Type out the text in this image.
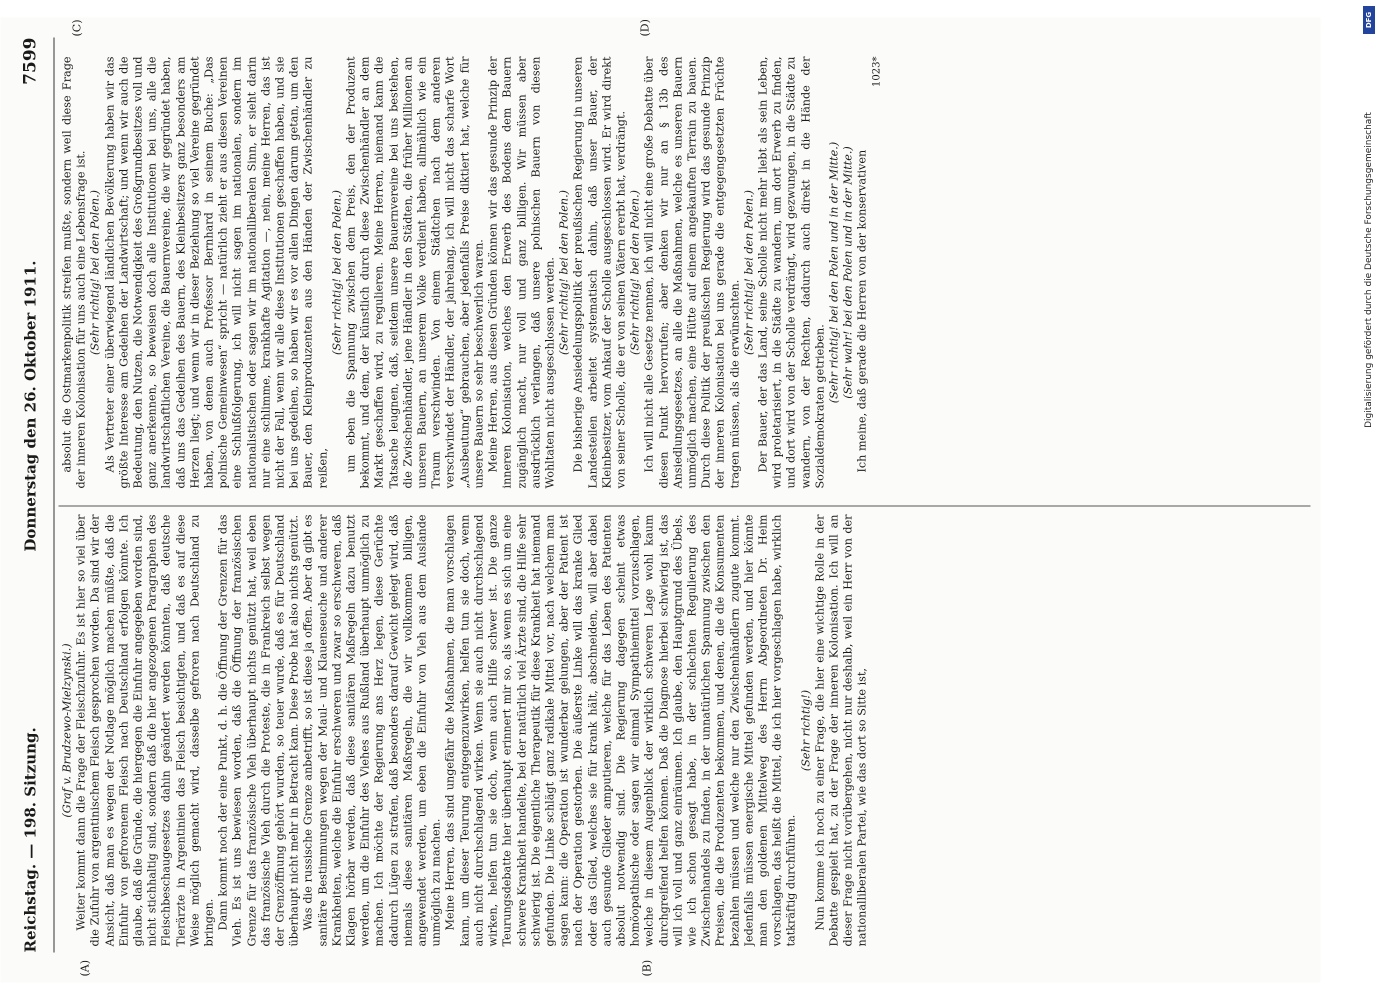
Reichstag. — 198. Sitzung.
Donnerstag den 26. Oktober 1911.
7599
(A)	(B)
(C)	(D)

(Graf v. Brudzewo-Mielzynski.) Weiter kommt dann die Frage der Fleischzufuhr. Es ist hier so viel über die Zufuhr von argentinischem Fleisch gesprochen worden. Da sind wir der Ansicht, daß man es wegen der Notlage möglich machen müßte, daß die Einfuhr von gefrorenem Fleisch nach Deutschland erfolgen könnte. Ich glaube, daß die Gründe, die hiergegen die Einfuhr angegeben worden sind, nicht stichhaltig sind, sondern daß die hier angezogenen Paragraphen des Fleischbeschaugesetzes dahin geändert werden könnten, daß deutsche Tierärzte in Argentinien das Fleisch besichtigten, und daß es auf diese Weise möglich gemacht wird, dasselbe gefroren nach Deutschland zu bringen. Dann kommt noch der eine Punkt, d. h. die Öffnung der Grenzen für das Vieh. Es ist uns bewiesen worden, daß die Öffnung der französischen Grenze für das französische Vieh überhaupt nichts genützt hat, weil eben das französische Vieh durch die Proteste, die in Frankreich selbst wegen der Grenzöffnung gehört wurden, so teuer wurde, daß es für Deutschland überhaupt nicht mehr in Betracht kam. Diese Probe hat also nichts genützt. Was die russische Grenze anbetrifft, so ist diese ja offen. Aber da gibt es sanitäre Bestimmungen wegen der Maul- und Klauenseuche und anderer Krankheiten, welche die Einfuhr erschweren und zwar so erschweren, daß Klagen hörbar werden, daß diese sanitären Maßregeln dazu benutzt werden, um die Einfuhr des Viehes aus Rußland überhaupt unmöglich zu machen. Ich möchte der Regierung ans Herz legen, diese Gerüchte dadurch Lügen zu strafen, daß besonders darauf Gewicht gelegt wird, daß niemals diese sanitären Maßregeln, die wir vollkommen billigen, angewendet werden, um eben die Einfuhr von Vieh aus dem Auslande unmöglich zu machen. Meine Herren, das sind ungefähr die Maßnahmen, die man vorschlagen kann, um dieser Teurung entgegenzuwirken, helfen tun sie doch, wenn auch nicht durchschlagend wirken. Wenn sie auch nicht durchschlagend wirken, helfen tun sie doch, wenn auch Hilfe schwer ist. Die ganze Teurungsdebatte hier überhaupt erinnert mir so, als wenn es sich um eine schwere Krankheit handelte, bei der natürlich viel Ärzte sind, die Hilfe sehr schwierig ist. Die eigentliche Therapeutik für diese Krankheit hat niemand gefunden. Die Linke schlägt ganz radikale Mittel vor, nach welchem man sagen kann: die Operation ist wunderbar gelungen, aber der Patient ist nach der Operation gestorben. Die äußerste Linke will das kranke Glied oder das Glied, welches sie für krank hält, abschneiden, will aber dabei auch gesunde Glieder amputieren, welche für das Leben des Patienten absolut notwendig sind. Die Regierung dagegen scheint etwas homöopathische oder sagen wir einmal Sympathiemittel vorzuschlagen, welche in diesem Augenblick der wirklich schweren Lage wohl kaum durchgreifend helfen können. Daß die Diagnose hierbei schwierig ist, das will ich voll und ganz einräumen. Ich glaube, den Hauptgrund des Übels, wie ich schon gesagt habe, in der schlechten Regulierung des Zwischenhandels zu finden, in der unnatürlichen Spannung zwischen den Preisen, die die Produzenten bekommen, und denen, die die Konsumenten bezahlen müssen und welche nur den Zwischenhändlern zugute kommt. Jedenfalls müssen energische Mittel gefunden werden, und hier könnte man den goldenen Mittelweg des Herrn Abgeordneten Dr. Heim vorschlagen, das heißt die Mittel, die ich hier vorgeschlagen habe, wirklich tatkräftig durchführen.

(Sehr richtig!) Nun komme ich noch zu einer Frage, die hier eine wichtige Rolle in der Debatte gespielt hat, zu der Frage der inneren Kolonisation. Ich will an dieser Frage nicht vorübergehen, nicht nur deshalb, weil ein Herr von der nationalliberalen Partei, wie das dort so Sitte ist,

absolut die Ostmarkenpolitik streifen mußte, sondern weil diese Frage der inneren Kolonisation für uns auch eine Lebensfrage ist. (Sehr richtig! bei den Polen.) Als Vertreter einer überwiegend ländlichen Bevölkerung haben wir das größte Interesse am Gedeihen der Landwirtschaft; und wenn wir auch die Bedeutung, den Nutzen, die Notwendigkeit des Großgrundbesitzes voll und ganz anerkennen, so beweisen doch alle Institutionen bei uns, alle die landwirtschaftlichen Vereine, die Bauernvereine, die wir gegründet haben, daß uns das Gedeihen des Bauern, des Kleinbesitzers ganz besonders am Herzen liegt; und wenn wir in dieser Beziehung so viel Vereine gegründet haben, von denen auch Professor Bernhard in seinem Buche: „Das polnische Gemeinwesen“ spricht — natürlich zieht er aus diesen Vereinen eine Schlußfolgerung, ich will nicht sagen im nationalen, sondern im nationalistischen oder sagen wir im nationalliberalen Sinn, er sieht darin nur eine schlimme, krankhafte Agitation —, nein, meine Herren, das ist nicht der Fall, wenn wir alle diese Institutionen geschaffen haben, und sie bei uns gedeihen, so haben wir es vor allen Dingen darum getan, um den Bauer, den Kleinproduzenten aus den Händen der Zwischenhändler zu reißen,

(Sehr richtig! bei den Polen.) um eben die Spannung zwischen dem Preis, den der Produzent bekommt, und dem, der künstlich durch diese Zwischenhändler an dem Markt geschaffen wird, zu regulieren. Meine Herren, niemand kann die Tatsache leugnen, daß, seitdem unsere Bauernvereine bei uns bestehen, die Zwischenhändler, jene Händler in den Städten, die früher Millionen an unseren Bauern, an unserem Volke verdient haben, allmählich wie ein Traum verschwinden. Von einem Städtchen nach dem anderen verschwindet der Händler, der jahrelang, ich will nicht das scharfe Wort „Ausbeutung“ gebrauchen, aber jedenfalls Preise diktiert hat, welche für unsere Bauern so sehr beschwerlich waren. Meine Herren, aus diesen Gründen können wir das gesunde Prinzip der inneren Kolonisation, welches den Erwerb des Bodens dem Bauern zugänglich macht, nur voll und ganz billigen. Wir müssen aber ausdrücklich verlangen, daß unsere polnischen Bauern von diesen Wohltaten nicht ausgeschlossen werden. (Sehr richtig! bei den Polen.) Die bisherige Ansiedelungspolitik der preußischen Regierung in unseren Landesteilen arbeitet systematisch dahin, daß unser Bauer, der Kleinbesitzer, vom Ankauf der Scholle ausgeschlossen wird. Er wird direkt von seiner Scholle, die er von seinen Vätern ererbt hat, verdrängt. (Sehr richtig! bei den Polen.) Ich will nicht alle Gesetze nennen, ich will nicht eine große Debatte über diesen Punkt hervorrufen; aber denken wir nur an § 13b des Ansiedlungsgesetzes, an alle die Maßnahmen, welche es unseren Bauern unmöglich machen, eine Hütte auf einem angekauften Terrain zu bauen. Durch diese Politik der preußischen Regierung wird das gesunde Prinzip der inneren Kolonisation bei uns gerade die entgegengesetzten Früchte tragen müssen, als die erwünschten.

(Sehr richtig! bei den Polen.) Der Bauer, der das Land, seine Scholle nicht mehr liebt als sein Leben, wird proletarisiert, in die Städte zu wandern, um dort Erwerb zu finden, und dort wird von der Scholle verdrängt, wird gezwungen, in die Städte zu wandern, von der Rechten, dadurch auch direkt in die Hände der Sozialdemokraten getrieben.

(Sehr richtig! bei den Polen und in der Mitte.) (Sehr wahr! bei den Polen und in der Mitte.) Ich meine, daß gerade die Herren von der konservativen

1023*

DFG
Digitalisierung gefördert durch die Deutsche Forschungsgemeinschaft
